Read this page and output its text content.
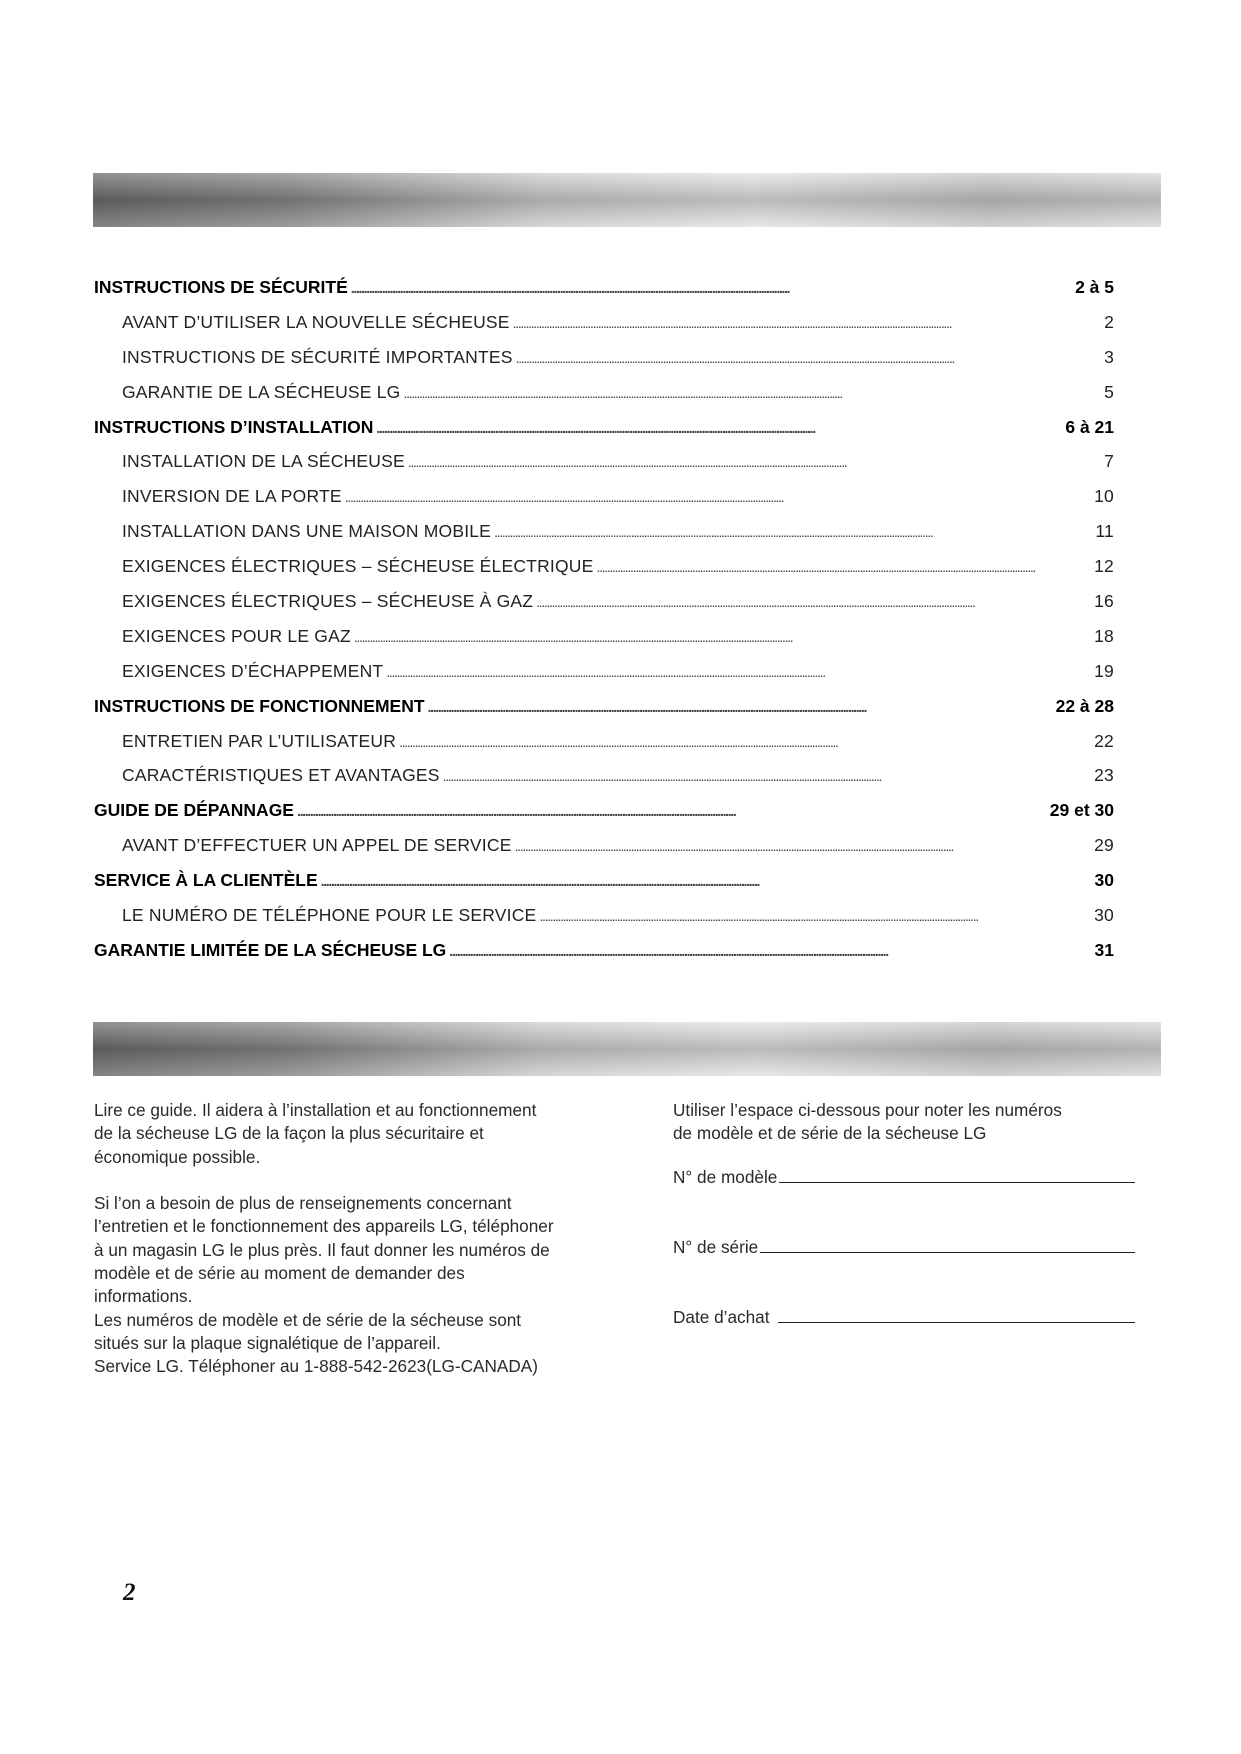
INSTRUCTIONS DE SÉCURITÉ . . .	2 à 5
AVANT D’UTILISER LA NOUVELLE SÉCHEUSE . . .	2
INSTRUCTIONS DE SÉCURITÉ IMPORTANTES . . .	3
GARANTIE DE LA SÉCHEUSE LG . . .	5
INSTRUCTIONS D’INSTALLATION . . .	6 à 21
INSTALLATION DE LA SÉCHEUSE . . .	7
INVERSION DE LA PORTE . . .	10
INSTALLATION DANS UNE MAISON MOBILE . . .	11
EXIGENCES ÉLECTRIQUES – SÉCHEUSE ÉLECTRIQUE . . .	12
EXIGENCES ÉLECTRIQUES – SÉCHEUSE À GAZ . . .	16
EXIGENCES POUR LE GAZ . . .	18
EXIGENCES D’ÉCHAPPEMENT . . .	19
INSTRUCTIONS DE FONCTIONNEMENT . . .	22 à 28
ENTRETIEN PAR L’UTILISATEUR . . .	22
CARACTÉRISTIQUES ET AVANTAGES . . .	23
GUIDE DE DÉPANNAGE . . .	29 et 30
AVANT D’EFFECTUER UN APPEL DE SERVICE . . .	29
SERVICE À LA CLIENTÈLE . . .	30
LE NUMÉRO DE TÉLÉPHONE POUR LE SERVICE . . .	30
GARANTIE LIMITÉE DE LA SÉCHEUSE LG . . .	31

Lire ce guide. Il aidera à l’installation et au fonctionnement

de la sécheuse LG de la façon la plus sécuritaire et

économique possible.

Si l’on a besoin de plus de renseignements concernant

l’entretien et le fonctionnement des appareils LG, téléphoner

à un magasin LG le plus près. Il faut donner les numéros de

modèle et de série au moment de demander des

informations.

Les numéros de modèle et de série de la sécheuse sont

situés sur la plaque signalétique de l’appareil.

Service LG. Téléphoner au 1-888-542-2623(LG-CANADA)

Utiliser l’espace ci-dessous pour noter les numéros

de modèle et de série de la sécheuse LG

N° de modèle
N° de série
Date d’achat
2
